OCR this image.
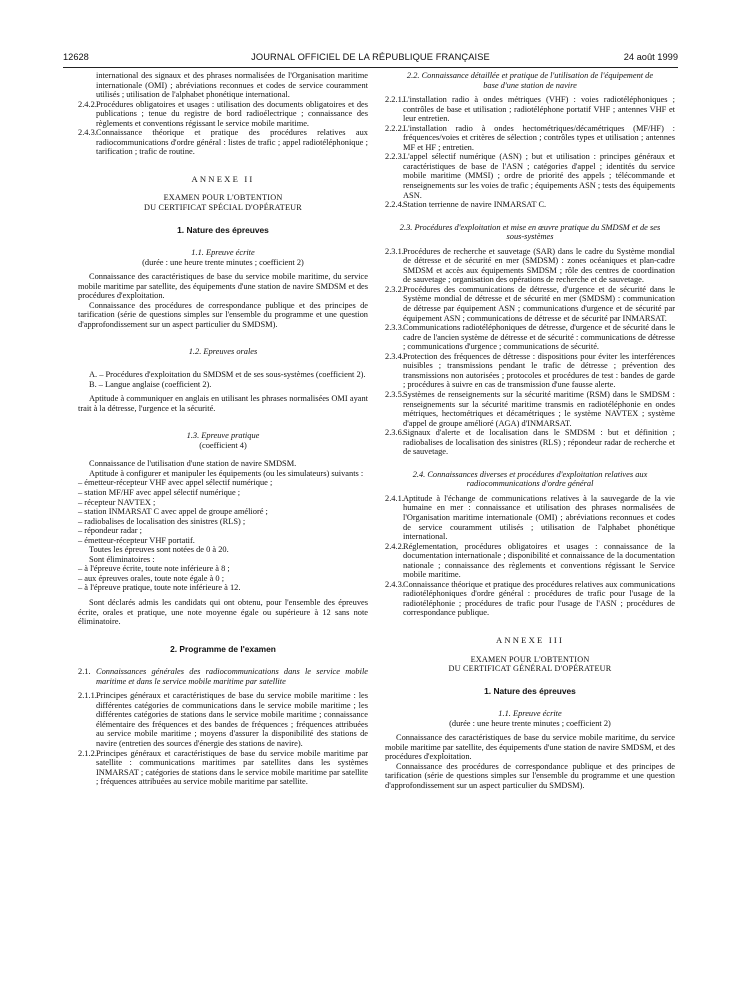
12628	JOURNAL OFFICIEL DE LA RÉPUBLIQUE FRANÇAISE	24 août 1999

international des signaux et des phrases normalisées de l'Organisation maritime internationale (OMI) ; abréviations reconnues et codes de service couramment utilisés ; utilisation de l'alphabet phonétique international.

2.4.2. Procédures obligatoires et usages : utilisation des documents obligatoires et des publications ; tenue du registre de bord radioélectrique ; connaissance des règlements et conventions régissant le service mobile maritime.
2.4.3. Connaissance théorique et pratique des procédures relatives aux radiocommunications d'ordre général : listes de trafic ; appel radiotéléphonique ; tarification ; trafic de routine.

ANNEXE II

EXAMEN POUR L'OBTENTION

DU CERTIFICAT SPÉCIAL D'OPÉRATEUR

1. Nature des épreuves

1.1. Epreuve écrite

(durée : une heure trente minutes ; coefficient 2)

Connaissance des caractéristiques de base du service mobile maritime, du service mobile maritime par satellite, des équipements d'une station de navire SMDSM et des procédures d'exploitation.

Connaissance des procédures de correspondance publique et des principes de tarification (série de questions simples sur l'ensemble du programme et une question d'approfondissement sur un aspect particulier du SMDSM).

1.2. Epreuves orales

A. – Procédures d'exploitation du SMDSM et de ses sous-systèmes (coefficient 2).

B. – Langue anglaise (coefficient 2).

Aptitude à communiquer en anglais en utilisant les phrases normalisées OMI ayant trait à la détresse, l'urgence et la sécurité.

1.3. Epreuve pratique

(coefficient 4)

Connaissance de l'utilisation d'une station de navire SMDSM.

Aptitude à configurer et manipuler les équipements (ou les simulateurs) suivants :

– émetteur-récepteur VHF avec appel sélectif numérique ;

– station MF/HF avec appel sélectif numérique ;

– récepteur NAVTEX ;

– station INMARSAT C avec appel de groupe amélioré ;

– radiobalises de localisation des sinistres (RLS) ;

– répondeur radar ;

– émetteur-récepteur VHF portatif.

Toutes les épreuves sont notées de 0 à 20.

Sont éliminatoires :

– à l'épreuve écrite, toute note inférieure à 8 ;

– aux épreuves orales, toute note égale à 0 ;

– à l'épreuve pratique, toute note inférieure à 12.

Sont déclarés admis les candidats qui ont obtenu, pour l'ensemble des épreuves écrite, orales et pratique, une note moyenne égale ou supérieure à 12 sans note éliminatoire.

2. Programme de l'examen

2.1. Connaissances générales des radiocommunications dans le service mobile maritime et dans le service mobile maritime par satellite
2.1.1. Principes généraux et caractéristiques de base du service mobile maritime : les différentes catégories de communications dans le service mobile maritime ; les différentes catégories de stations dans le service mobile maritime ; connaissance élémentaire des fréquences et des bandes de fréquences ; fréquences attribuées au service mobile maritime ; moyens d'assurer la disponibilité des stations de navire (entretien des sources d'énergie des stations de navire).
2.1.2. Principes généraux et caractéristiques de base du service mobile maritime par satellite : communications maritimes par satellites dans les systèmes INMARSAT ; catégories de stations dans le service mobile maritime par satellite ; fréquences attribuées au service mobile maritime par satellite.

2.2. Connaissance détaillée et pratique de l'utilisation de l'équipement de base d'une station de navire

2.2.1. L'installation radio à ondes métriques (VHF) : voies radiotéléphoniques ; contrôles de base et utilisation ; radiotéléphone portatif VHF ; antennes VHF et leur entretien.
2.2.2. L'installation radio à ondes hectométriques/décamétriques (MF/HF) : fréquences/voies et critères de sélection ; contrôles types et utilisation ; antennes MF et HF ; entretien.
2.2.3. L'appel sélectif numérique (ASN) ; but et utilisation : principes généraux et caractéristiques de base de l'ASN ; catégories d'appel ; identités du service mobile maritime (MMSI) ; ordre de priorité des appels ; télécommande et renseignements sur les voies de trafic ; équipements ASN ; tests des équipements ASN.
2.2.4. Station terrienne de navire INMARSAT C.

2.3. Procédures d'exploitation et mise en œuvre pratique du SMDSM et de ses sous-systèmes

2.3.1. Procédures de recherche et sauvetage (SAR) dans le cadre du Système mondial de détresse et de sécurité en mer (SMDSM) : zones océaniques et plan-cadre SMDSM et accès aux équipements SMDSM ; rôle des centres de coordination de sauvetage ; organisation des opérations de recherche et de sauvetage.
2.3.2. Procédures des communications de détresse, d'urgence et de sécurité dans le Système mondial de détresse et de sécurité en mer (SMDSM) : communication de détresse par équipement ASN ; communications d'urgence et de sécurité par équipement ASN ; communications de détresse et de sécurité par INMARSAT.
2.3.3. Communications radiotéléphoniques de détresse, d'urgence et de sécurité dans le cadre de l'ancien système de détresse et de sécurité : communications de détresse ; communications d'urgence ; communications de sécurité.
2.3.4. Protection des fréquences de détresse : dispositions pour éviter les interférences nuisibles ; transmissions pendant le trafic de détresse ; prévention des transmissions non autorisées ; protocoles et procédures de test : bandes de garde ; procédures à suivre en cas de transmission d'une fausse alerte.
2.3.5. Systèmes de renseignements sur la sécurité maritime (RSM) dans le SMDSM : renseignements sur la sécurité maritime transmis en radiotéléphonie en ondes métriques, hectométriques et décamétriques ; le système NAVTEX ; système d'appel de groupe amélioré (AGA) d'INMARSAT.
2.3.6. Signaux d'alerte et de localisation dans le SMDSM : but et définition ; radiobalises de localisation des sinistres (RLS) ; répondeur radar de recherche et de sauvetage.

2.4. Connaissances diverses et procédures d'exploitation relatives aux radiocommunications d'ordre général

2.4.1. Aptitude à l'échange de communications relatives à la sauvegarde de la vie humaine en mer : connaissance et utilisation des phrases normalisées de l'Organisation maritime internationale (OMI) ; abréviations reconnues et codes de service couramment utilisés ; utilisation de l'alphabet phonétique international.
2.4.2. Réglementation, procédures obligatoires et usages : connaissance de la documentation internationale ; disponibilité et connaissance de la documentation nationale ; connaissance des règlements et conventions régissant le Service mobile maritime.
2.4.3. Connaissance théorique et pratique des procédures relatives aux communications radiotéléphoniques d'ordre général : procédures de trafic pour l'usage de la radiotéléphonie ; procédures de trafic pour l'usage de l'ASN ; procédures de correspondance publique.

ANNEXE III

EXAMEN POUR L'OBTENTION

DU CERTIFICAT GÉNÉRAL D'OPÉRATEUR

1. Nature des épreuves

1.1. Epreuve écrite

(durée : une heure trente minutes ; coefficient 2)

Connaissance des caractéristiques de base du service mobile maritime, du service mobile maritime par satellite, des équipements d'une station de navire SMDSM, et des procédures d'exploitation.

Connaissance des procédures de correspondance publique et des principes de tarification (série de questions simples sur l'ensemble du programme et une question d'approfondissement sur un aspect particulier du SMDSM).
